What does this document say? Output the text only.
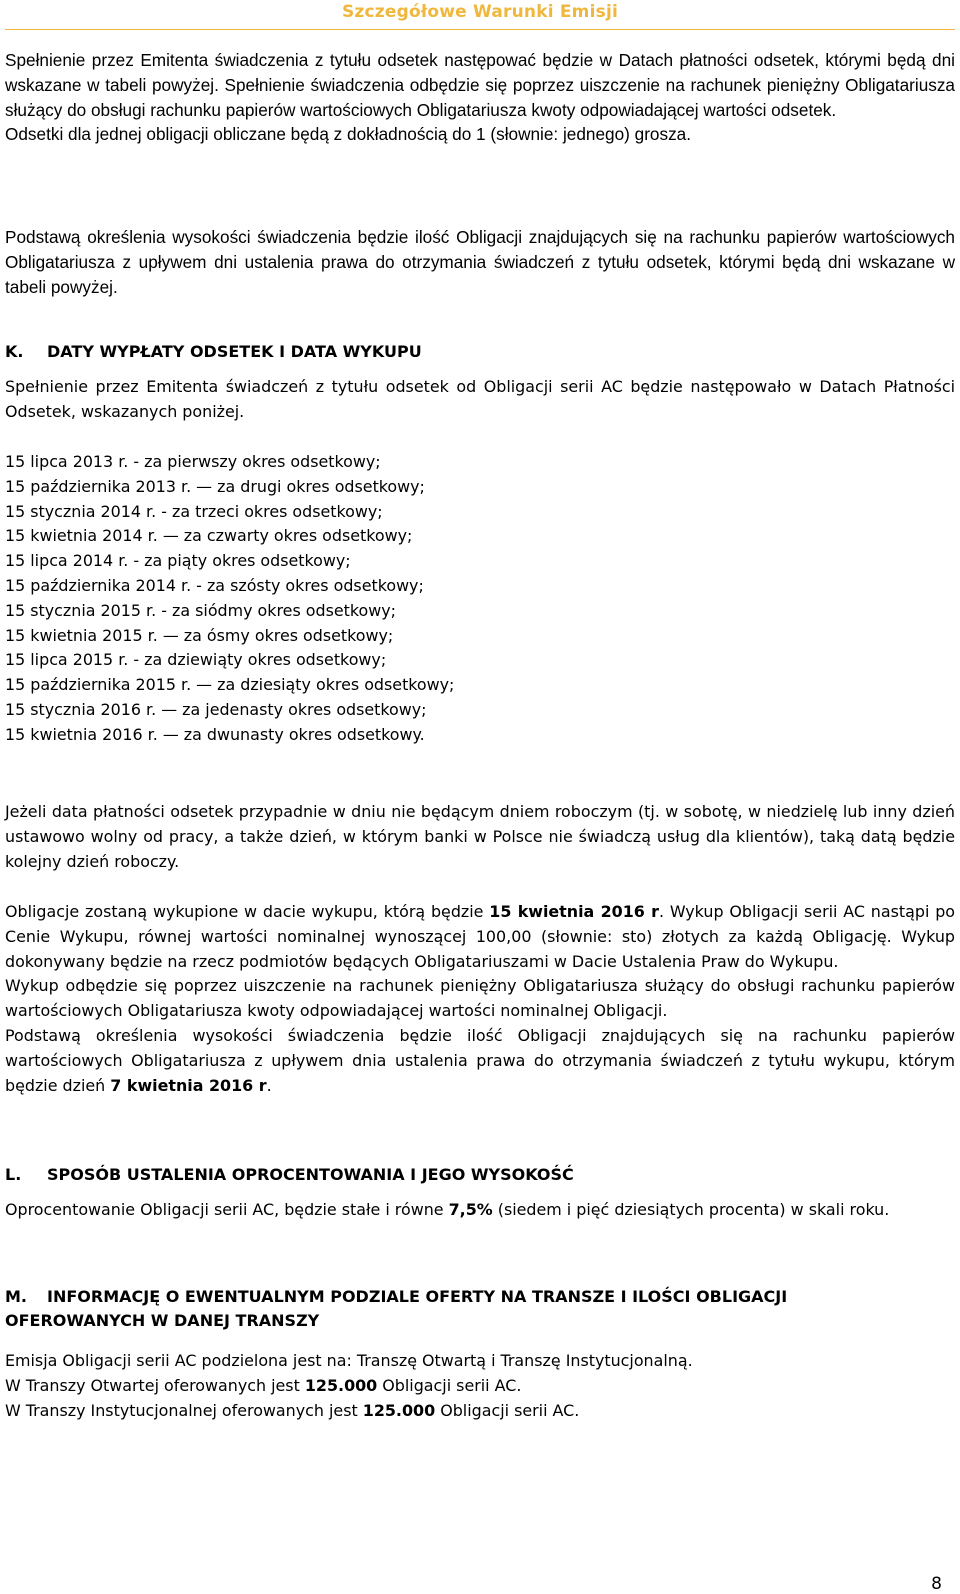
Szczegółowe Warunki Emisji

Spełnienie przez Emitenta świadczenia z tytułu odsetek następować będzie w Datach płatności odsetek, którymi będą dni wskazane w tabeli powyżej. Spełnienie świadczenia odbędzie się poprzez uiszczenie na rachunek pieniężny Obligatariusza służący do obsługi rachunku papierów wartościowych Obligatariusza kwoty odpowiadającej wartości odsetek.

Odsetki dla jednej obligacji obliczane będą z dokładnością do 1 (słownie: jednego) grosza.

Podstawą określenia wysokości świadczenia będzie ilość Obligacji znajdujących się na rachunku papierów wartościowych Obligatariusza z upływem dni ustalenia prawa do otrzymania świadczeń z tytułu odsetek, którymi będą dni wskazane w tabeli powyżej.

K. DATY WYPŁATY ODSETEK I DATA WYKUPU

Spełnienie przez Emitenta świadczeń z tytułu odsetek od Obligacji serii AC będzie następowało w Datach Płatności Odsetek, wskazanych poniżej.

15 lipca 2013 r. - za pierwszy okres odsetkowy;
15 października 2013 r. — za drugi okres odsetkowy;
15 stycznia 2014 r. - za trzeci okres odsetkowy;
15 kwietnia 2014 r. — za czwarty okres odsetkowy;
15 lipca 2014 r. - za piąty okres odsetkowy;
15 października 2014 r. - za szósty okres odsetkowy;
15 stycznia 2015 r. - za siódmy okres odsetkowy;
15 kwietnia 2015 r. — za ósmy okres odsetkowy;
15 lipca 2015 r. - za dziewiąty okres odsetkowy;
15 października 2015 r. — za dziesiąty okres odsetkowy;
15 stycznia 2016 r. — za jedenasty okres odsetkowy;
15 kwietnia 2016 r. — za dwunasty okres odsetkowy.

Jeżeli data płatności odsetek przypadnie w dniu nie będącym dniem roboczym (tj. w sobotę, w niedzielę lub inny dzień ustawowo wolny od pracy, a także dzień, w którym banki w Polsce nie świadczą usług dla klientów), taką datą będzie kolejny dzień roboczy.

Obligacje zostaną wykupione w dacie wykupu, którą będzie 15 kwietnia 2016 r. Wykup Obligacji serii AC nastąpi po Cenie Wykupu, równej wartości nominalnej wynoszącej 100,00 (słownie: sto) złotych za każdą Obligację. Wykup dokonywany będzie na rzecz podmiotów będących Obligatariuszami w Dacie Ustalenia Praw do Wykupu.

Wykup odbędzie się poprzez uiszczenie na rachunek pieniężny Obligatariusza służący do obsługi rachunku papierów wartościowych Obligatariusza kwoty odpowiadającej wartości nominalnej Obligacji.

Podstawą określenia wysokości świadczenia będzie ilość Obligacji znajdujących się na rachunku papierów wartościowych Obligatariusza z upływem dnia ustalenia prawa do otrzymania świadczeń z tytułu wykupu, którym będzie dzień 7 kwietnia 2016 r.

L. SPOSÓB USTALENIA OPROCENTOWANIA I JEGO WYSOKOŚĆ

Oprocentowanie Obligacji serii AC, będzie stałe i równe 7,5% (siedem i pięć dziesiątych procenta) w skali roku.

M. INFORMACJĘ O EWENTUALNYM PODZIALE OFERTY NA TRANSZE I ILOŚCI OBLIGACJI
OFEROWANYCH W DANEJ TRANSZY
Emisja Obligacji serii AC podzielona jest na: Transzę Otwartą i Transzę Instytucjonalną.
W Transzy Otwartej oferowanych jest 125.000 Obligacji serii AC.
W Transzy Instytucjonalnej oferowanych jest 125.000 Obligacji serii AC.
8
